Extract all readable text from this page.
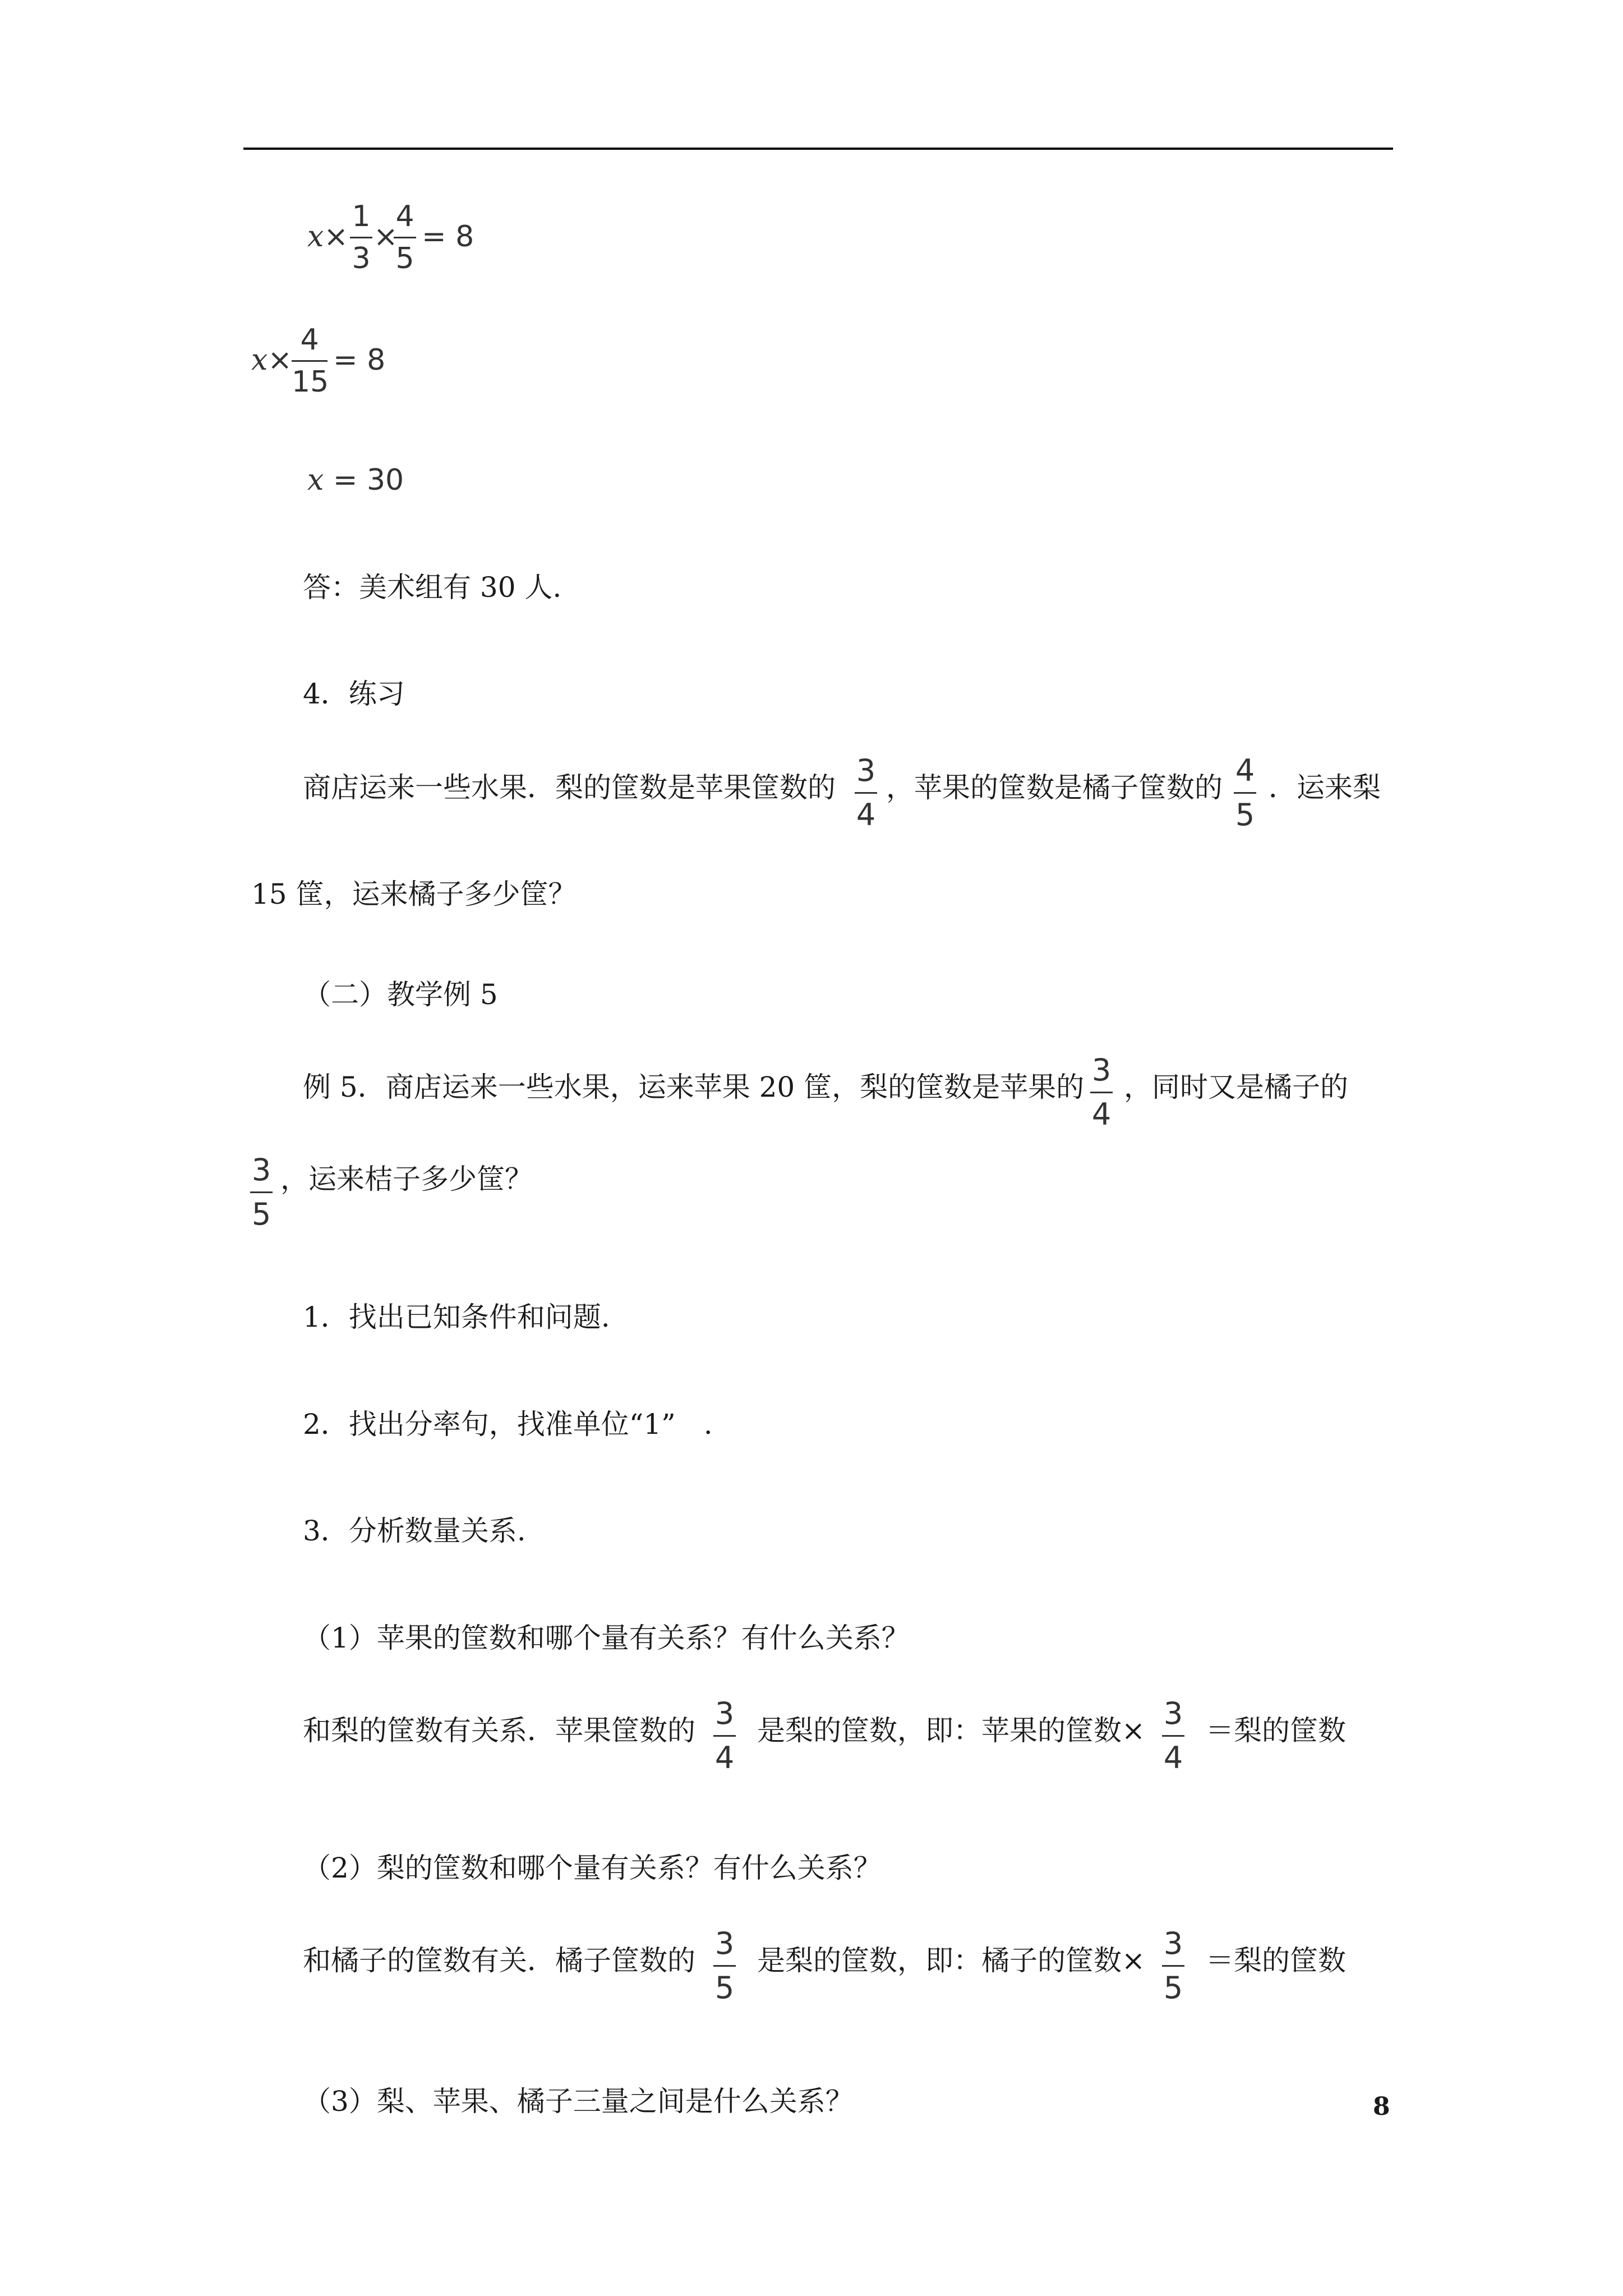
x×
1
3
×
4
5
= 8
x×
4
15
= 8
x = 30
答：美术组有 30 人.
4．练习
商店运来一些水果．梨的筐数是苹果筐数的 3
4
，苹果的筐数是橘子筐数的 4
5
．运来梨
15 筐，运来橘子多少筐？
（二）教学例 5
例 5．商店运来一些水果，运来苹果 20 筐，梨的筐数是苹果的 3
4
，同时又是橘子的
3
5
，运来桔子多少筐？
1．找出已知条件和问题.
2．找出分率句，找准单位“1”　.
3．分析数量关系.
（1）苹果的筐数和哪个量有关系？有什么关系？
和梨的筐数有关系．苹果筐数的 3
4
是梨的筐数，即：苹果的筐数× 3
4
＝梨的筐数
（2）梨的筐数和哪个量有关系？有什么关系？
和橘子的筐数有关．橘子筐数的 3
5
是梨的筐数，即：橘子的筐数× 3
5
＝梨的筐数
（3）梨、苹果、橘子三量之间是什么关系？	8
